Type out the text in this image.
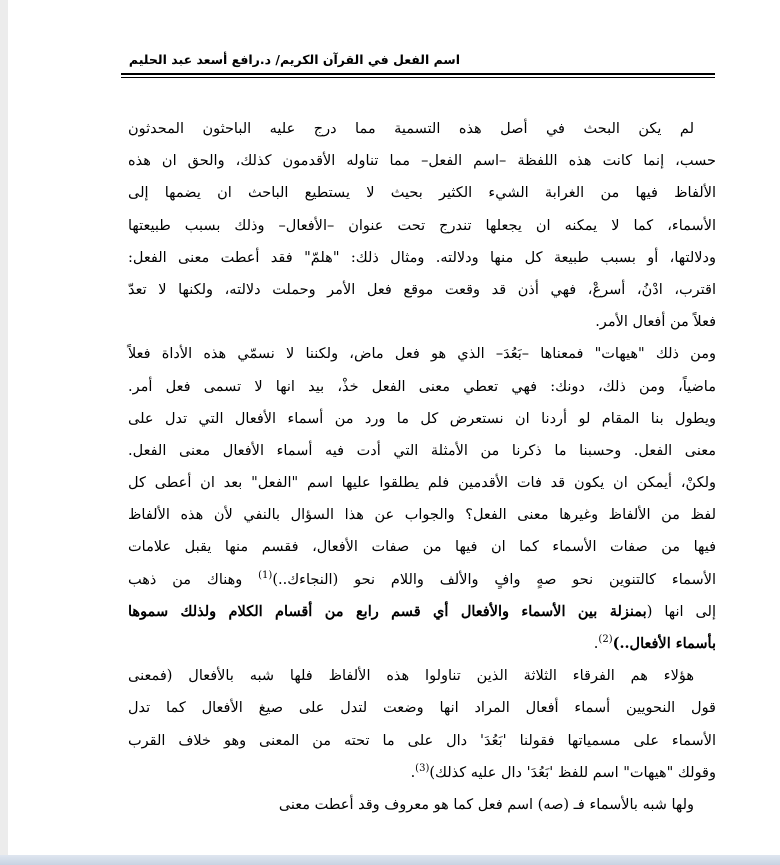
اسم الفعل في القرآن الكريم/ د.رافع أسعد عبد الحليم
لم يكن البحث في أصل هذه التسمية مما درج عليه الباحثون المحدثون
حسب، إنما كانت هذه اللفظة –اسم الفعل– مما تناوله الأقدمون كذلك، والحق ان هذه
الألفاظ فيها من الغرابة الشيء الكثير بحيث لا يستطيع الباحث ان يضمها إلى
الأسماء، كما لا يمكنه ان يجعلها تندرج تحت عنوان –الأفعال– وذلك بسبب طبيعتها
ودلالتها، أو بسبب طبيعة كل منها ودلالته. ومثال ذلك: "هلمّ" فقد أعطت معنى الفعل:
اقترب، ادْنُ، أسرعْ، فهي أذن قد وقعت موقع فعل الأمر وحملت دلالته، ولكنها لا تعدّ
فعلاً من أفعال الأمر.
ومن ذلك "هيهات" فمعناها –بَعُدَ– الذي هو فعل ماض، ولكننا لا نسمّي هذه الأداة فعلاً
ماضياً، ومن ذلك، دونك: فهي تعطي معنى الفعل خذْ، بيد انها لا تسمى فعل أمر.
ويطول بنا المقام لو أردنا ان نستعرض كل ما ورد من أسماء الأفعال التي تدل على
معنى الفعل. وحسبنا ما ذكرنا من الأمثلة التي أدت فيه أسماء الأفعال معنى الفعل.
ولكنْ، أيمكن ان يكون قد فات الأقدمين فلم يطلقوا عليها اسم "الفعل" بعد ان أعطى كل
لفظ من الألفاظ وغيرها معنى الفعل؟ والجواب عن هذا السؤال بالنفي لأن هذه الألفاظ
فيها من صفات الأسماء كما ان فيها من صفات الأفعال، فقسم منها يقبل علامات
الأسماء كالتنوين نحو صهٍ وافٍ والألف واللام نحو (النجاءك..)$^{(1)}$ وهناك من ذهب
إلى انها (بمنزلة بين الأسماء والأفعال أي قسم رابع من أقسام الكلام ولذلك سموها
بأسماء الأفعال..)$^{(2)}$.
هؤلاء هم الفرقاء الثلاثة الذين تناولوا هذه الألفاظ فلها شبه بالأفعال (فمعنى
قول النحويين أسماء أفعال المراد انها وضعت لتدل على صيغ الأفعال كما تدل
الأسماء على مسمياتها فقولنا 'بَعُدَ' دال على ما تحته من المعنى وهو خلاف القرب
وقولك "هيهات" اسم للفظ 'بَعُدَ' دال عليه كذلك)$^{(3)}$.
ولها شبه بالأسماء فـ (صه) اسم فعل كما هو معروف وقد أعطت معنى
